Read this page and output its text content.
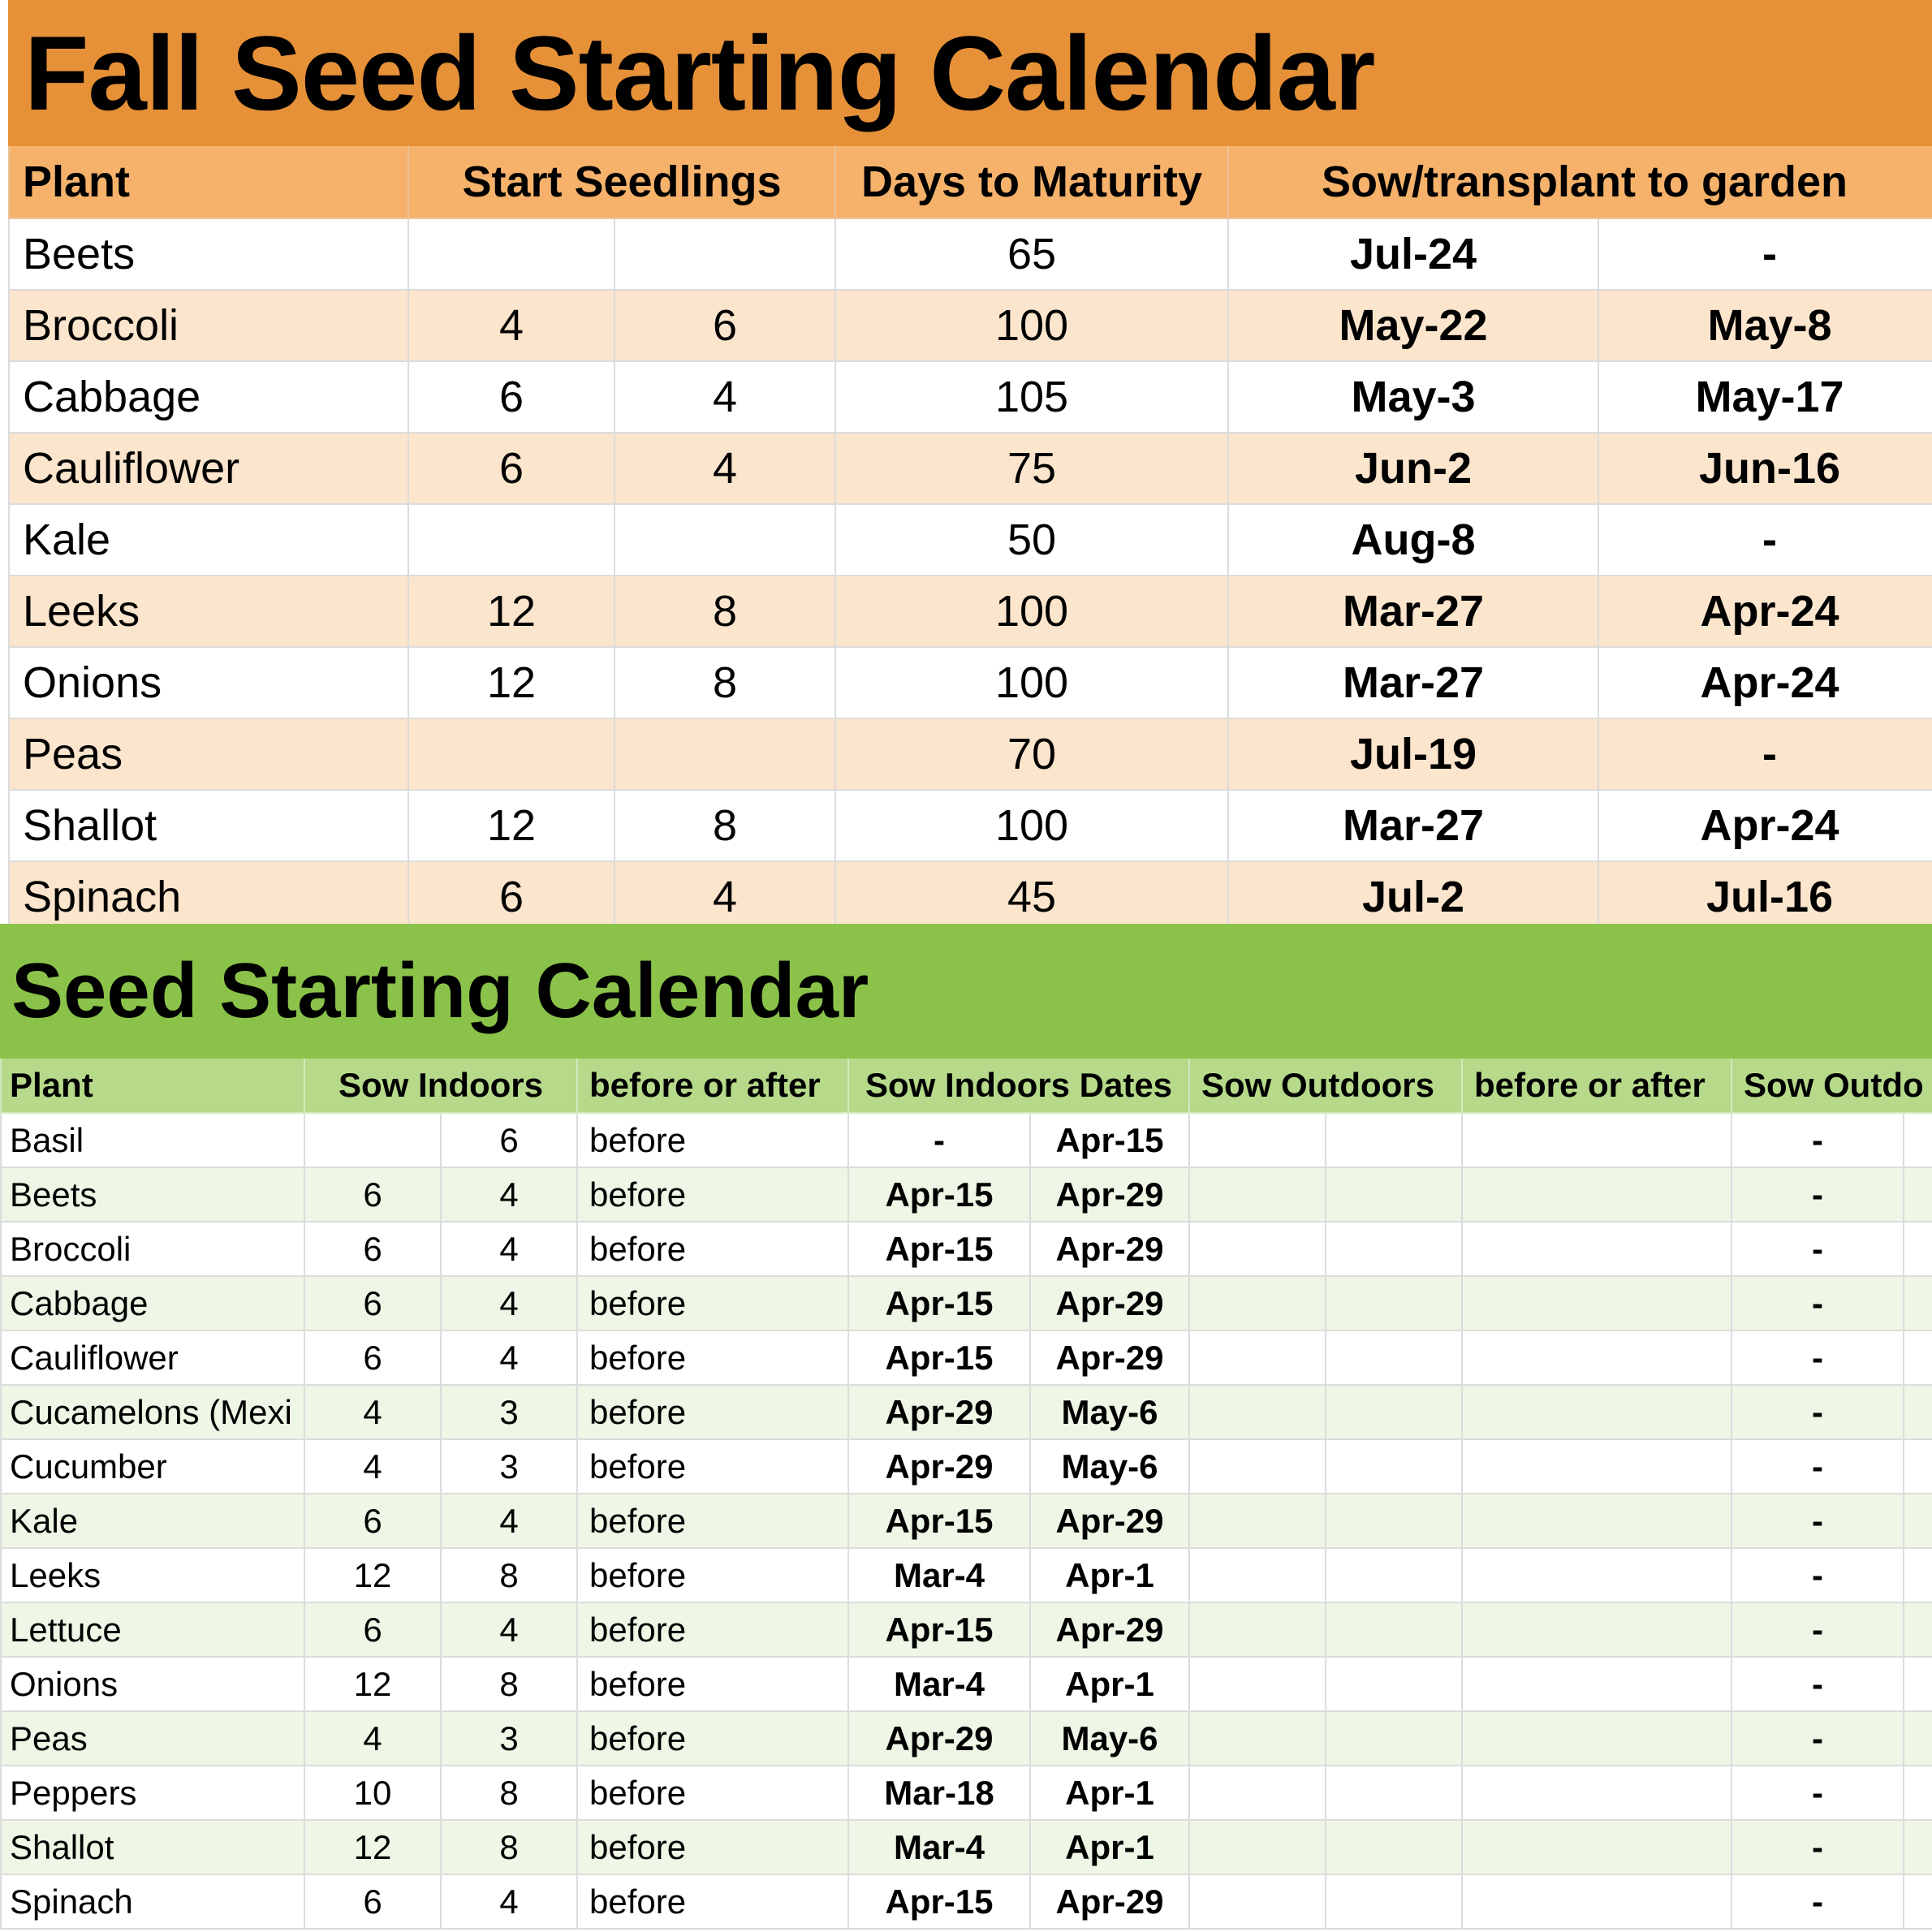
Fall Seed Starting Calendar					
Plant	Start Seedlings		Days to Maturity	Sow/transplant to garden	
Beets			65	Jul-24	-
Broccoli	4	6	100	May-22	May-8
Cabbage	6	4	105	May-3	May-17
Cauliflower	6	4	75	Jun-2	Jun-16
Kale			50	Aug-8	-
Leeks	12	8	100	Mar-27	Apr-24
Onions	12	8	100	Mar-27	Apr-24
Peas			70	Jul-19	-
Shallot	12	8	100	Mar-27	Apr-24
Spinach	6	4	45	Jul-2	Jul-16
Seed Starting Calendar										
Plant	Sow Indoors		before or after	Sow Indoors Dates		Sow Outdoors		before or after	Sow Outdo	
Basil		6	before	-	Apr-15				-	
Beets	6	4	before	Apr-15	Apr-29				-	
Broccoli	6	4	before	Apr-15	Apr-29				-	
Cabbage	6	4	before	Apr-15	Apr-29				-	
Cauliflower	6	4	before	Apr-15	Apr-29				-	
Cucamelons (Mexi	4	3	before	Apr-29	May-6				-	
Cucumber	4	3	before	Apr-29	May-6				-	
Kale	6	4	before	Apr-15	Apr-29				-	
Leeks	12	8	before	Mar-4	Apr-1				-	
Lettuce	6	4	before	Apr-15	Apr-29				-	
Onions	12	8	before	Mar-4	Apr-1				-	
Peas	4	3	before	Apr-29	May-6				-	
Peppers	10	8	before	Mar-18	Apr-1				-	
Shallot	12	8	before	Mar-4	Apr-1				-	
Spinach	6	4	before	Apr-15	Apr-29				-	
